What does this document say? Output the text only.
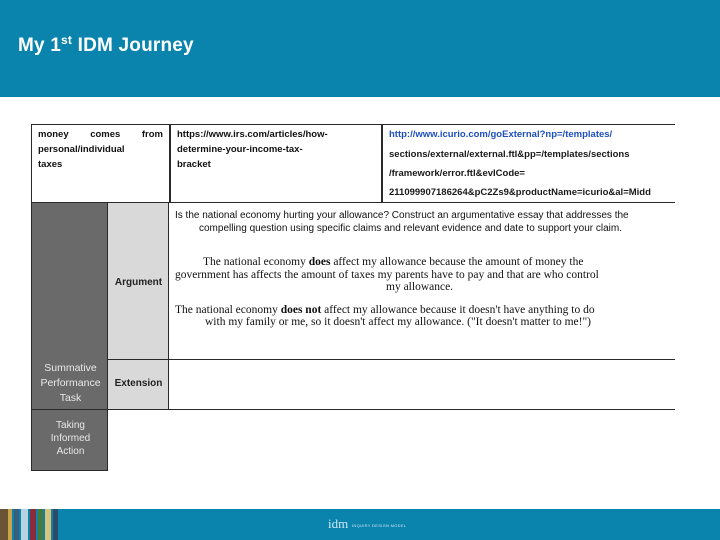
My 1st IDM Journey
money comes from
personal/individual
taxes
https://www.irs.com/articles/how-
determine-your-income-tax-
bracket
http://www.icurio.com/goExternal?np=/templates/
sections/external/external.ftl&pp=/templates/sections
/framework/error.ftl&evICode=
211099907186264&pC2Zs9&productName=icurio&al=Midd
Summative
Performance
Task
Argument
Extension
Is the national economy hurting your allowance? Construct an argumentative essay that addresses the
compelling question using specific claims and relevant evidence and date to support your claim.
The national economy does affect my allowance because the amount of money the
government has affects the amount of taxes my parents have to pay and that are who control
my allowance.
The national economy does not affect my allowance because it doesn't have anything to do
with my family or me, so it doesn't affect my allowance. ("It doesn't matter to me!")
Taking
Informed
Action
idm INQUIRY DESIGN MODEL
